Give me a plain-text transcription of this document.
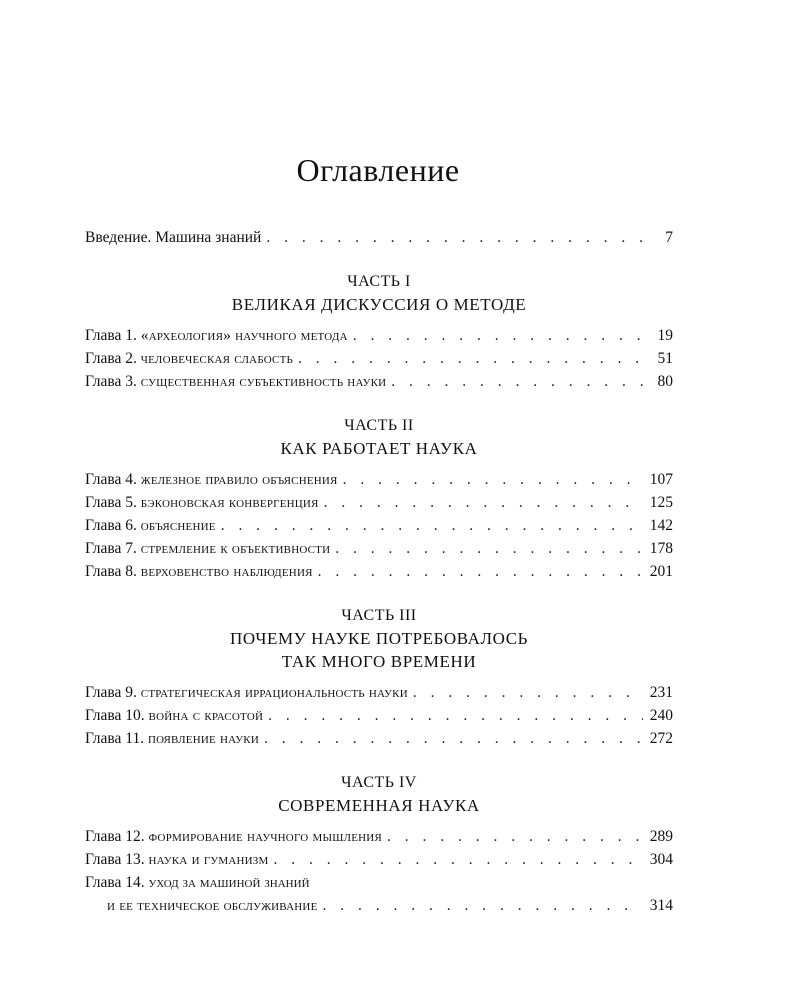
Оглавление
Введение. Машина знаний . . .	7
ЧАСТЬ I
ВЕЛИКАЯ ДИСКУССИЯ О МЕТОДЕ
Глава 1. «археология» научного метода . . .	19
Глава 2. человеческая слабость . . .	51
Глава 3. существенная субъективность науки . . .	80
ЧАСТЬ II
КАК РАБОТАЕТ НАУКА
Глава 4. железное правило объяснения . . .	107
Глава 5. бэконовская конвергенция . . .	125
Глава 6. объяснение . . .	142
Глава 7. стремление к объективности . . .	178
Глава 8. верховенство наблюдения . . .	201
ЧАСТЬ III
ПОЧЕМУ НАУКЕ ПОТРЕБОВАЛОСЬ
ТАК МНОГО ВРЕМЕНИ
Глава 9. стратегическая иррациональность науки . . .	231
Глава 10. война с красотой . . .	240
Глава 11. появление науки . . .	272
ЧАСТЬ IV
СОВРЕМЕННАЯ НАУКА
Глава 12. формирование научного мышления . . .	289
Глава 13. наука и гуманизм . . .	304
Глава 14. уход за машиной знаний
и ее техническое обслуживание . . .	314
